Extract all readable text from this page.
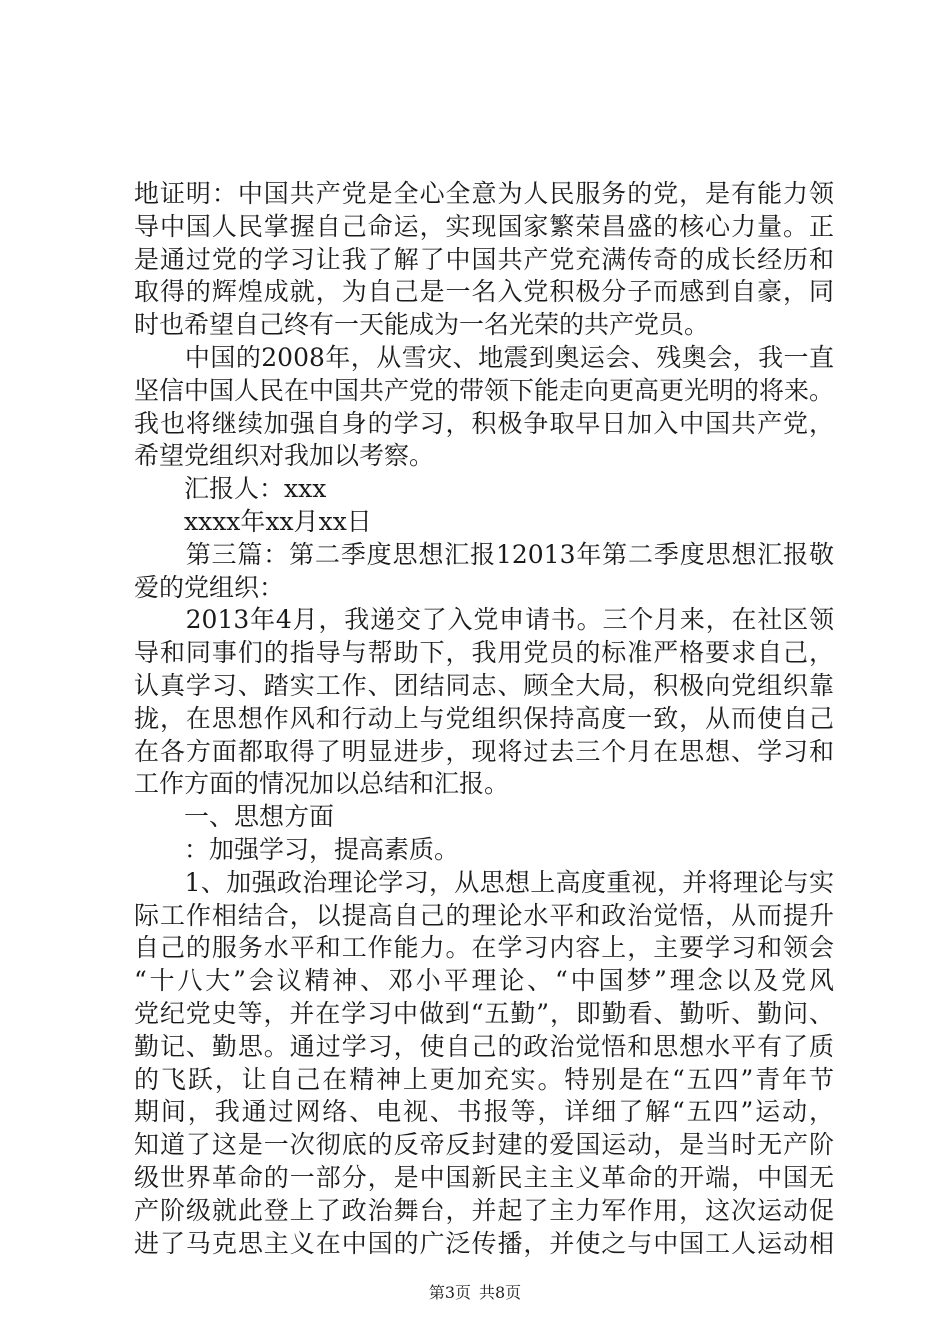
地证明：中国共产党是全心全意为人民服务的党，是有能力领
导中国人民掌握自己命运，实现国家繁荣昌盛的核心力量。正
是通过党的学习让我了解了中国共产党充满传奇的成长经历和
取得的辉煌成就，为自己是一名入党积极分子而感到自豪，同
时也希望自己终有一天能成为一名光荣的共产党员。
　　中国的2008年，从雪灾、地震到奥运会、残奥会，我一直
坚信中国人民在中国共产党的带领下能走向更高更光明的将来。
我也将继续加强自身的学习，积极争取早日加入中国共产党，
希望党组织对我加以考察。
　　汇报人：xxx
　　xxxx年xx月xx日
　　第三篇：第二季度思想汇报12013年第二季度思想汇报敬
爱的党组织：
　　2013年4月，我递交了入党申请书。三个月来，在社区领
导和同事们的指导与帮助下，我用党员的标准严格要求自己，
认真学习、踏实工作、团结同志、顾全大局，积极向党组织靠
拢，在思想作风和行动上与党组织保持高度一致，从而使自己
在各方面都取得了明显进步，现将过去三个月在思想、学习和
工作方面的情况加以总结和汇报。
　　一、思想方面
　　：加强学习，提高素质。
　　1、加强政治理论学习，从思想上高度重视，并将理论与实
际工作相结合，以提高自己的理论水平和政治觉悟，从而提升
自己的服务水平和工作能力。在学习内容上，主要学习和领会
“十八大”会议精神、邓小平理论、“中国梦”理念以及党风
党纪党史等，并在学习中做到“五勤”，即勤看、勤听、勤问、
勤记、勤思。通过学习，使自己的政治觉悟和思想水平有了质
的飞跃，让自己在精神上更加充实。特别是在“五四”青年节
期间，我通过网络、电视、书报等，详细了解“五四”运动，
知道了这是一次彻底的反帝反封建的爱国运动，是当时无产阶
级世界革命的一部分，是中国新民主主义革命的开端，中国无
产阶级就此登上了政治舞台，并起了主力军作用，这次运动促
进了马克思主义在中国的广泛传播，并使之与中国工人运动相
第3页 共8页
